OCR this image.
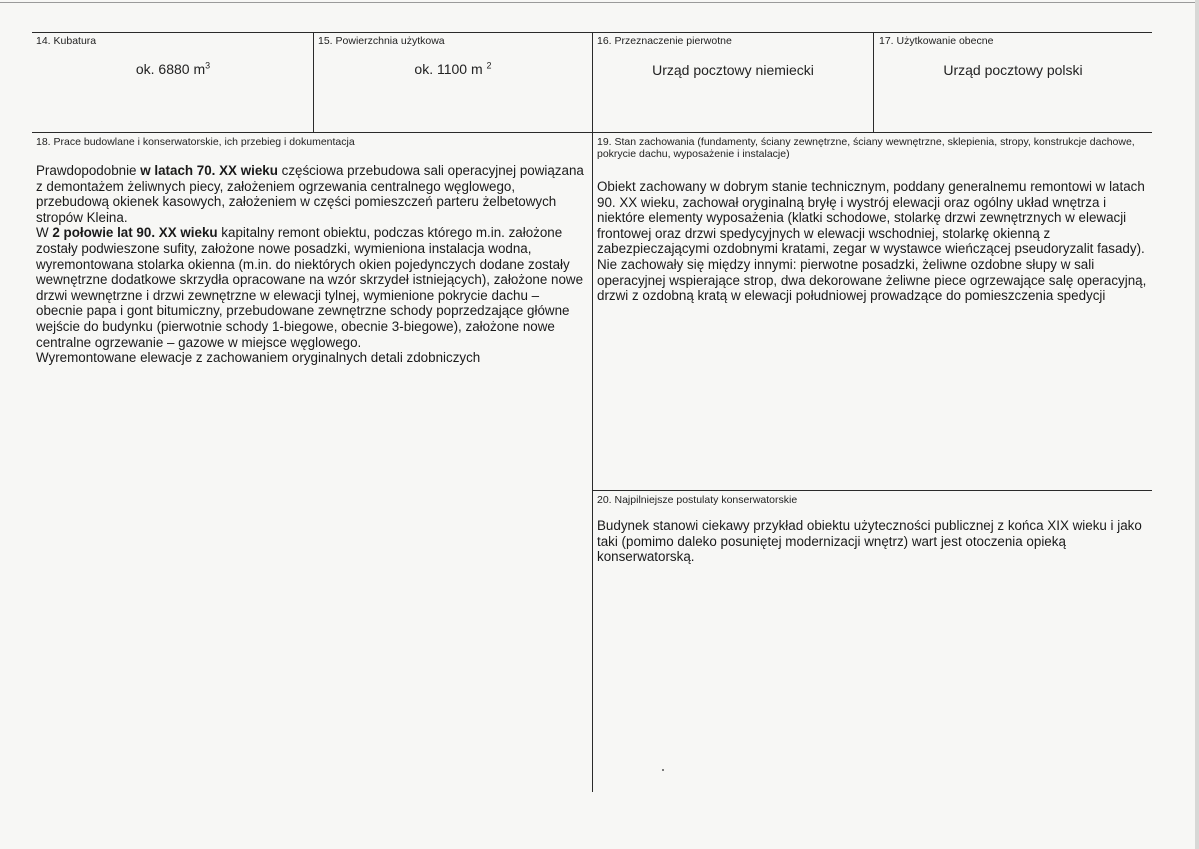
14. Kubatura
ok. 6880 $m^3$
15. Powierzchnia użytkowa
ok. 1100 m $^2$
16. Przeznaczenie pierwotne
Urząd pocztowy niemiecki
17. Użytkowanie obecne
Urząd pocztowy polski
18. Prace budowlane i konserwatorskie, ich przebieg i dokumentacja

Prawdopodobnie w latach 70. XX wieku częściowa przebudowa sali operacyjnej powiązana z demontażem żeliwnych piecy, założeniem ogrzewania centralnego węglowego, przebudową okienek kasowych, założeniem w części pomieszczeń parteru żelbetowych stropów Kleina.

W 2 połowie lat 90. XX wieku kapitalny remont obiektu, podczas którego m.in. założone zostały podwieszone sufity, założone nowe posadzki, wymieniona instalacja wodna, wyremontowana stolarka okienna (m.in. do niektórych okien pojedynczych dodane zostały wewnętrzne dodatkowe skrzydła opracowane na wzór skrzydeł istniejących), założone nowe drzwi wewnętrzne i drzwi zewnętrzne w elewacji tylnej, wymienione pokrycie dachu – obecnie papa i gont bitumiczny, przebudowane zewnętrzne schody poprzedzające główne wejście do budynku (pierwotnie schody 1-biegowe, obecnie 3-biegowe), założone nowe centralne ogrzewanie – gazowe w miejsce węglowego.

Wyremontowane elewacje z zachowaniem oryginalnych detali zdobniczych

19. Stan zachowania (fundamenty, ściany zewnętrzne, ściany wewnętrzne, sklepienia, stropy, konstrukcje dachowe, pokrycie dachu, wyposażenie i instalacje)
Obiekt zachowany w dobrym stanie technicznym, poddany generalnemu remontowi w latach 90. XX wieku, zachował oryginalną bryłę i wystrój elewacji oraz ogólny układ wnętrza i niektóre elementy wyposażenia (klatki schodowe, stolarkę drzwi zewnętrznych w elewacji frontowej oraz drzwi spedycyjnych w elewacji wschodniej, stolarkę okienną z zabezpieczającymi ozdobnymi kratami, zegar w wystawce wieńczącej pseudoryzalit fasady). Nie zachowały się między innymi: pierwotne posadzki, żeliwne ozdobne słupy w sali operacyjnej wspierające strop, dwa dekorowane żeliwne piece ogrzewające salę operacyjną, drzwi z ozdobną kratą w elewacji południowej prowadzące do pomieszczenia spedycji
20. Najpilniejsze postulaty konserwatorskie
Budynek stanowi ciekawy przykład obiektu użyteczności publicznej z końca XIX wieku i jako taki (pomimo daleko posuniętej modernizacji wnętrz) wart jest otoczenia opieką konserwatorską.
